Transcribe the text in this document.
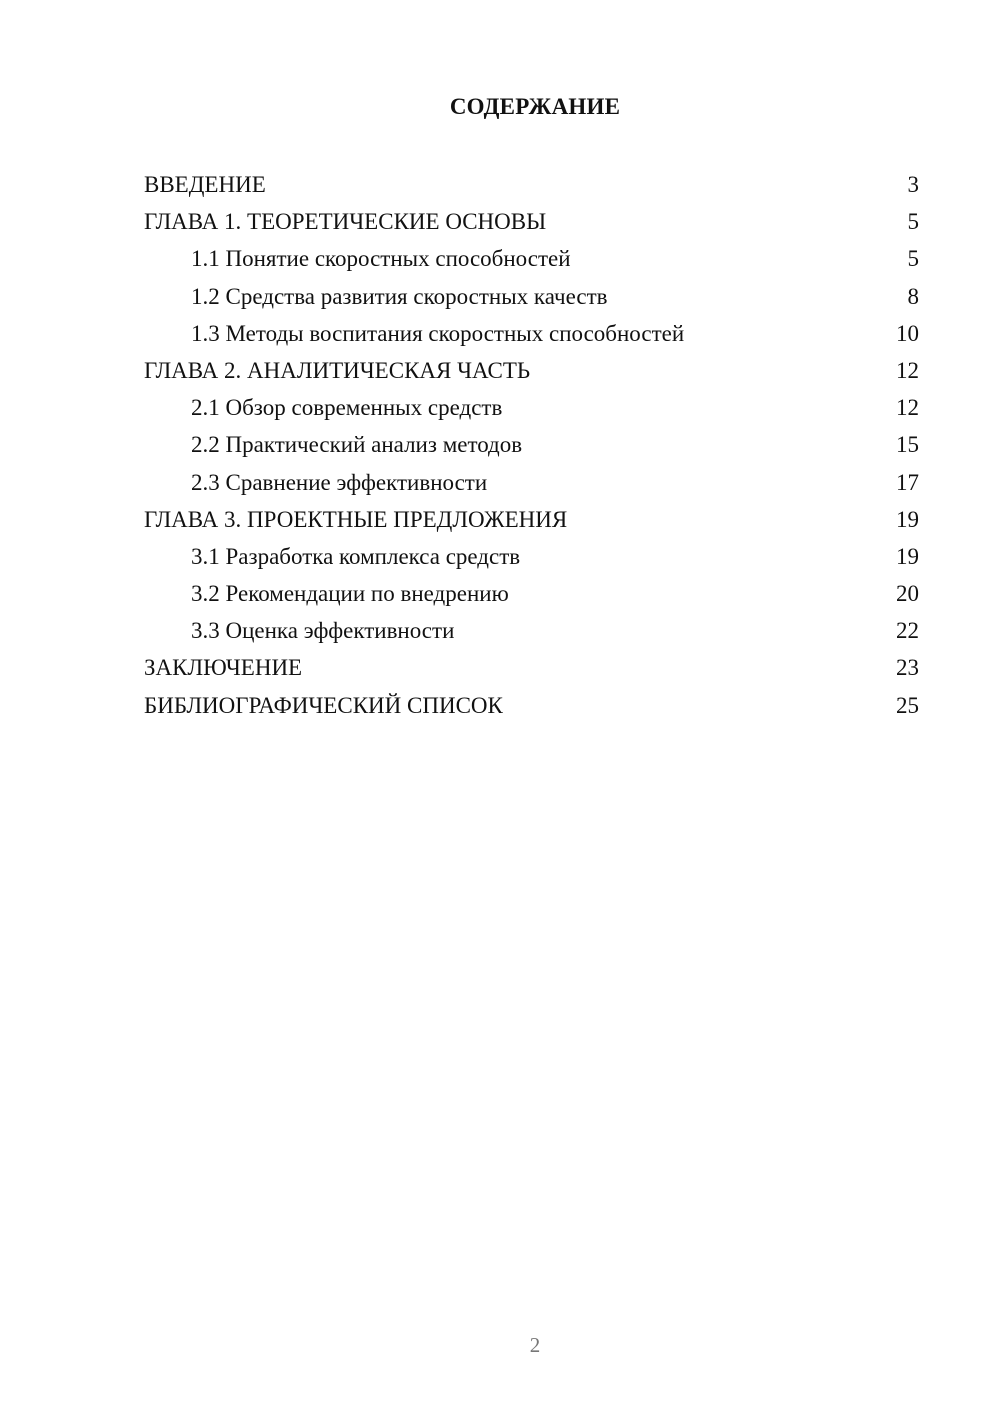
СОДЕРЖАНИЕ
ВВЕДЕНИЕ	3
ГЛАВА 1. ТЕОРЕТИЧЕСКИЕ ОСНОВЫ	5
1.1 Понятие скоростных способностей	5
1.2 Средства развития скоростных качеств	8
1.3 Методы воспитания скоростных способностей	10
ГЛАВА 2. АНАЛИТИЧЕСКАЯ ЧАСТЬ	12
2.1 Обзор современных средств	12
2.2 Практический анализ методов	15
2.3 Сравнение эффективности	17
ГЛАВА 3. ПРОЕКТНЫЕ ПРЕДЛОЖЕНИЯ	19
3.1 Разработка комплекса средств	19
3.2 Рекомендации по внедрению	20
3.3 Оценка эффективности	22
ЗАКЛЮЧЕНИЕ	23
БИБЛИОГРАФИЧЕСКИЙ СПИСОК	25
2
